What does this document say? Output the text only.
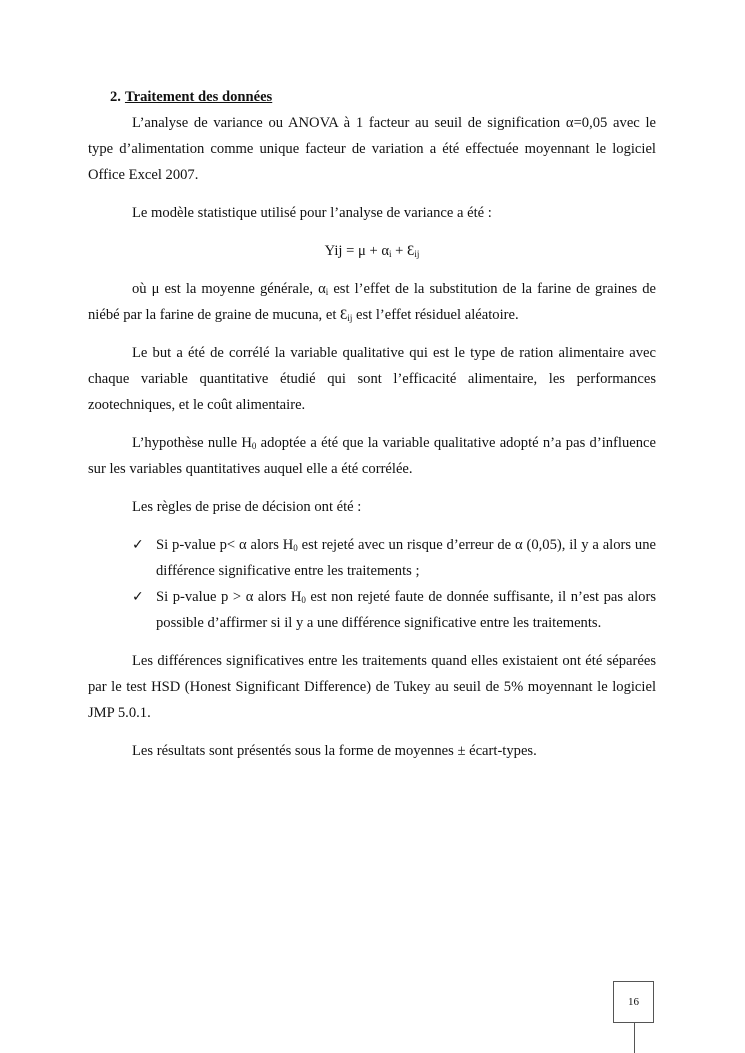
2. Traitement des données

L’analyse de variance ou ANOVA à 1 facteur au seuil de signification α=0,05 avec le type d’alimentation comme unique facteur de variation a été effectuée moyennant le logiciel Office Excel 2007.

Le modèle statistique utilisé pour l’analyse de variance a été :

Yij = $\mu + \alpha_i$ + $Ɛ_{ij}$

où μ est la moyenne générale, $\alpha_i$ est l’effet de la substitution de la farine de graines de niébé par la farine de graine de mucuna, et $Ɛ_{ij}$ est l’effet résiduel aléatoire.

Le but a été de corrélé la variable qualitative qui est le type de ration alimentaire avec chaque variable quantitative étudié qui sont l’efficacité alimentaire, les performances zootechniques, et le coût alimentaire.

L’hypothèse nulle $H_0$ adoptée a été que la variable qualitative adopté n’a pas d’influence sur les variables quantitatives auquel elle a été corrélée.

Les règles de prise de décision ont été :

✓ Si p-value p< α alors $H_0$ est rejeté avec un risque d’erreur de α (0,05), il y a alors une différence significative entre les traitements ;
✓ Si p-value p > α alors $H_0$ est non rejeté faute de donnée suffisante, il n’est pas alors possible d’affirmer si il y a une différence significative entre les traitements.

Les différences significatives entre les traitements quand elles existaient ont été séparées par le test HSD (Honest Significant Difference) de Tukey au seuil de 5% moyennant le logiciel JMP 5.0.1.

Les résultats sont présentés sous la forme de moyennes ± écart-types.

16
